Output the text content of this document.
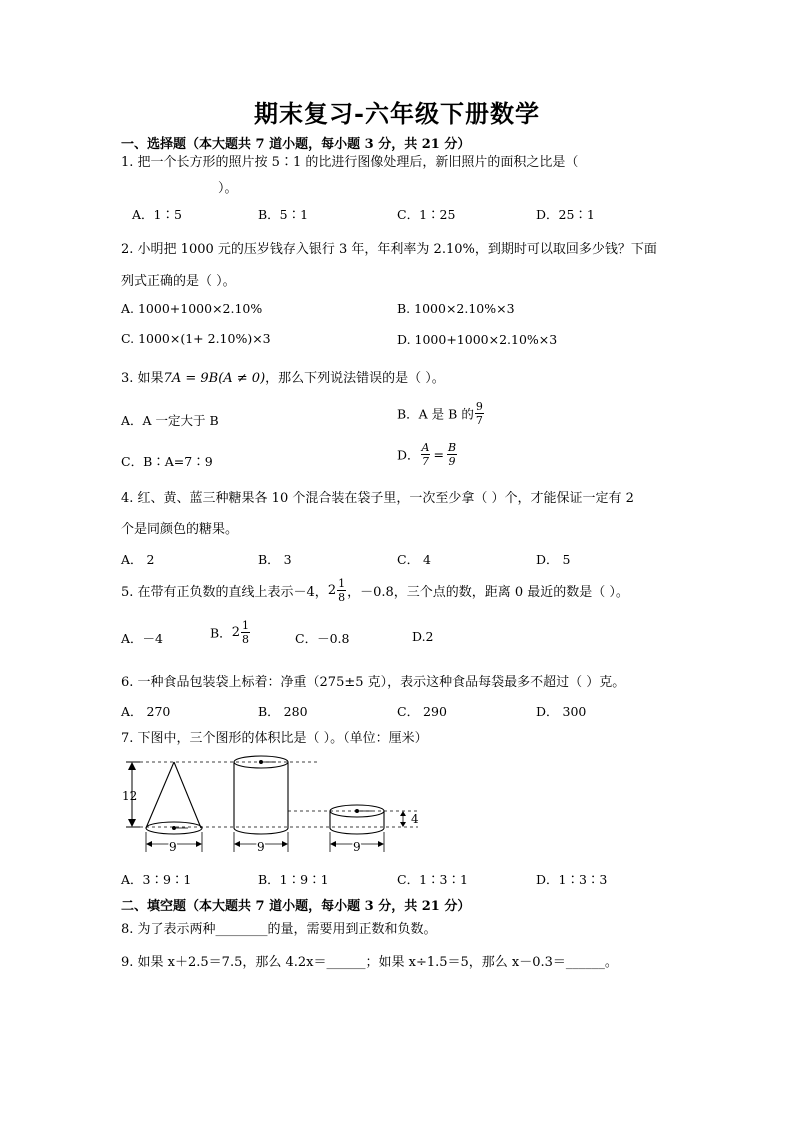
期末复习-六年级下册数学
一、选择题（本大题共 7 道小题，每小题 3 分，共 21 分）
1. 把一个长方形的照片按 5∶1 的比进行图像处理后，新旧照片的面积之比是（
）。
A．1∶5	B．5∶1	C．1∶25	D．25∶1
2. 小明把 1000 元的压岁钱存入银行 3 年，年利率为 2.10%，到期时可以取回多少钱？下面
列式正确的是（ ）。
A. 1000+1000×2.10%	B. 1000×2.10%×3
C. 1000×(1+ 2.10%)×3	D. 1000+1000×2.10%×3
3. 如果7A = 9B(A ≠ 0)，那么下列说法错误的是（ ）。
A．A 一定大于 B	B．A 是 B 的 $\frac{9}{7}$
C．B∶A=7∶9	D． $\frac{A}{7} = \frac{B}{9}$
4. 红、黄、蓝三种糖果各 10 个混合装在袋子里，一次至少拿（ ）个，才能保证一定有 2
个是同颜色的糖果。
A． 2	B． 3	C． 4	D． 5
5. 在带有正负数的直线上表示－4，$2 \frac{1}{8}$ ，－0.8，三个点的数，距离 0 最近的数是（ ）。
A．－4	B．$2 \frac{1}{8}$	C．－0.8	D.2
6. 一种食品包装袋上标着：净重（275±5 克），表示这种食品每袋最多不超过（ ）克。
A． 270	B． 280	C． 290	D． 300
7. 下图中，三个图形的体积比是（ ）。（单位：厘米）
12
9	9	9
4
A．3∶9∶1	B．1∶9∶1	C．1∶3∶1	D．1∶3∶3
二、填空题（本大题共 7 道小题，每小题 3 分，共 21 分）
8. 为了表示两种________的量，需要用到正数和负数。
9. 如果 x＋2.5＝7.5，那么 4.2x＝______；如果 x÷1.5＝5，那么 x－0.3＝______。
